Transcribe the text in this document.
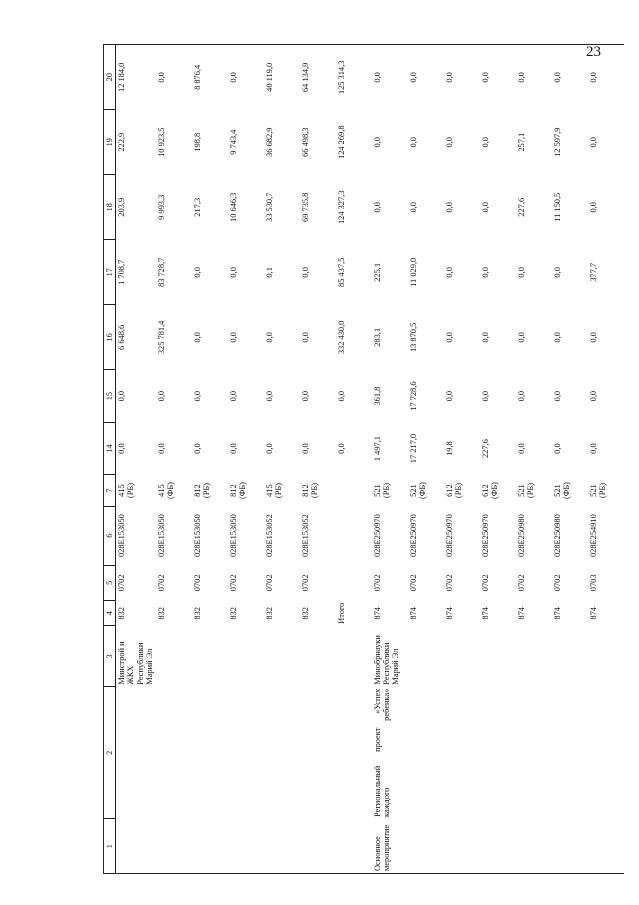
23
1	2	3	4	5	6	7	14	15	16	17	18	19	20

	Минстрой и ЖКХ Республики Марий Эл	832	0702	028E153050	415 (РБ)	0,0	0,0	6 648,6	1 708,7	203,9	222,9	12 184,0

		832	0702	028E153050	415 (ФБ)	0,0	0,0	325 781,4	83 728,7	9 993,3	10 923,5	0,0

		832	0702	028E153050	812 (РБ)	0,0	0,0	0,0	0,0	217,3	198,8	8 876,4

		832	0702	028E153050	812 (ФБ)	0,0	0,0	0,0	0,0	10 646,3	9 743,4	0,0

		832	0702	028E153052	415 (РБ)	0,0	0,0	0,0	0,1	33 530,7	36 682,9	40 119,0

		832	0702	028E153052	812 (РБ)	0,0	0,0	0,0	0,0	69 735,8	66 498,3	64 134,9

		Итого				0,0	0,0	332 430,0	85 437,5	124 327,3	124 269,8	125 314,3
Основное мероприятие	Региональный проект «Успех каждого ребенка»	Минобрнауки Республики Марий Эл	874	0702	028E250970	521 (РБ)	1 497,1	361,8	283,1	225,1	0,0	0,0	0,0

		874	0702	028E250970	521 (ФБ)	17 217,0	17 728,6	13 870,5	11 029,0	0,0	0,0	0,0

		874	0702	028E250970	612 (РБ)	19,8	0,0	0,0	0,0	0,0	0,0	0,0

		874	0702	028E250970	612 (ФБ)	227,6	0,0	0,0	0,0	0,0	0,0	0,0

		874	0702	028E250980	521 (РБ)	0,0	0,0	0,0	0,0	227,6	257,1	0,0

		874	0702	028E250980	521 (ФБ)	0,0	0,0	0,0	0,0	11 150,5	12 597,9	0,0

		874	0703	028E254910	521 (РБ)	0,0	0,0	0,0	377,7	0,0	0,0	0,0
